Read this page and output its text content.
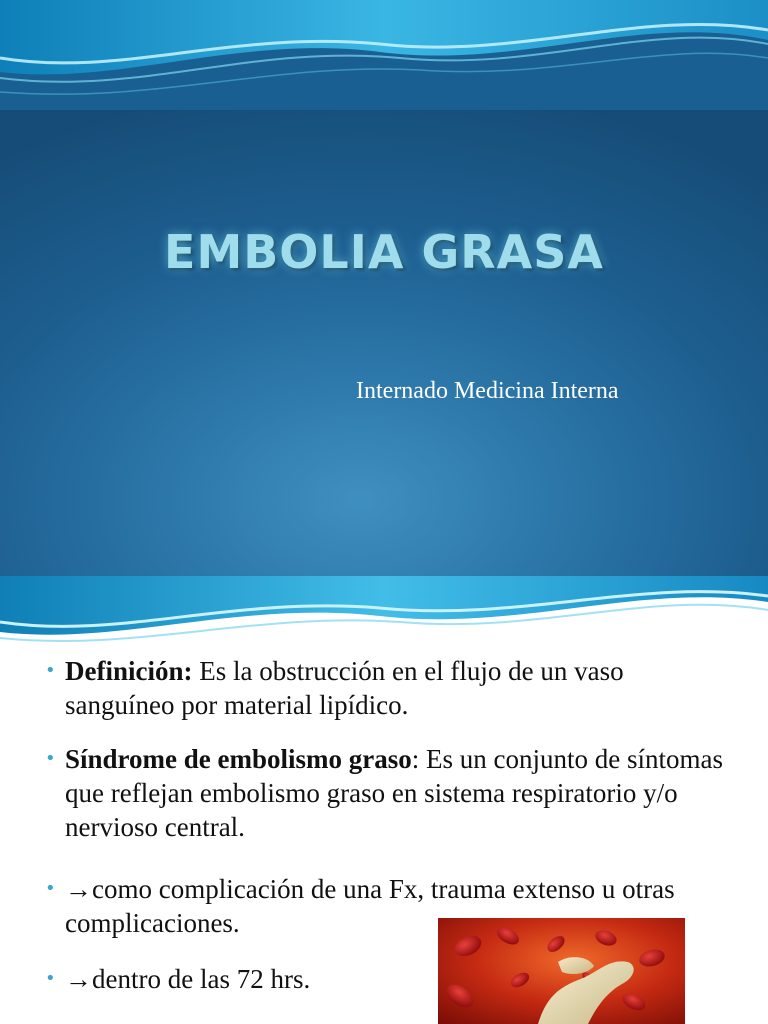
EMBOLIA GRASA
Internado Medicina Interna
• Definición: Es la obstrucción en el flujo de un vaso sanguíneo por material lipídico.
• Síndrome de embolismo graso: Es un conjunto de síntomas que reflejan embolismo graso en sistema respiratorio y/o nervioso central.
• →como complicación de una Fx, trauma extenso u otras complicaciones.
• →dentro de las 72 hrs.
